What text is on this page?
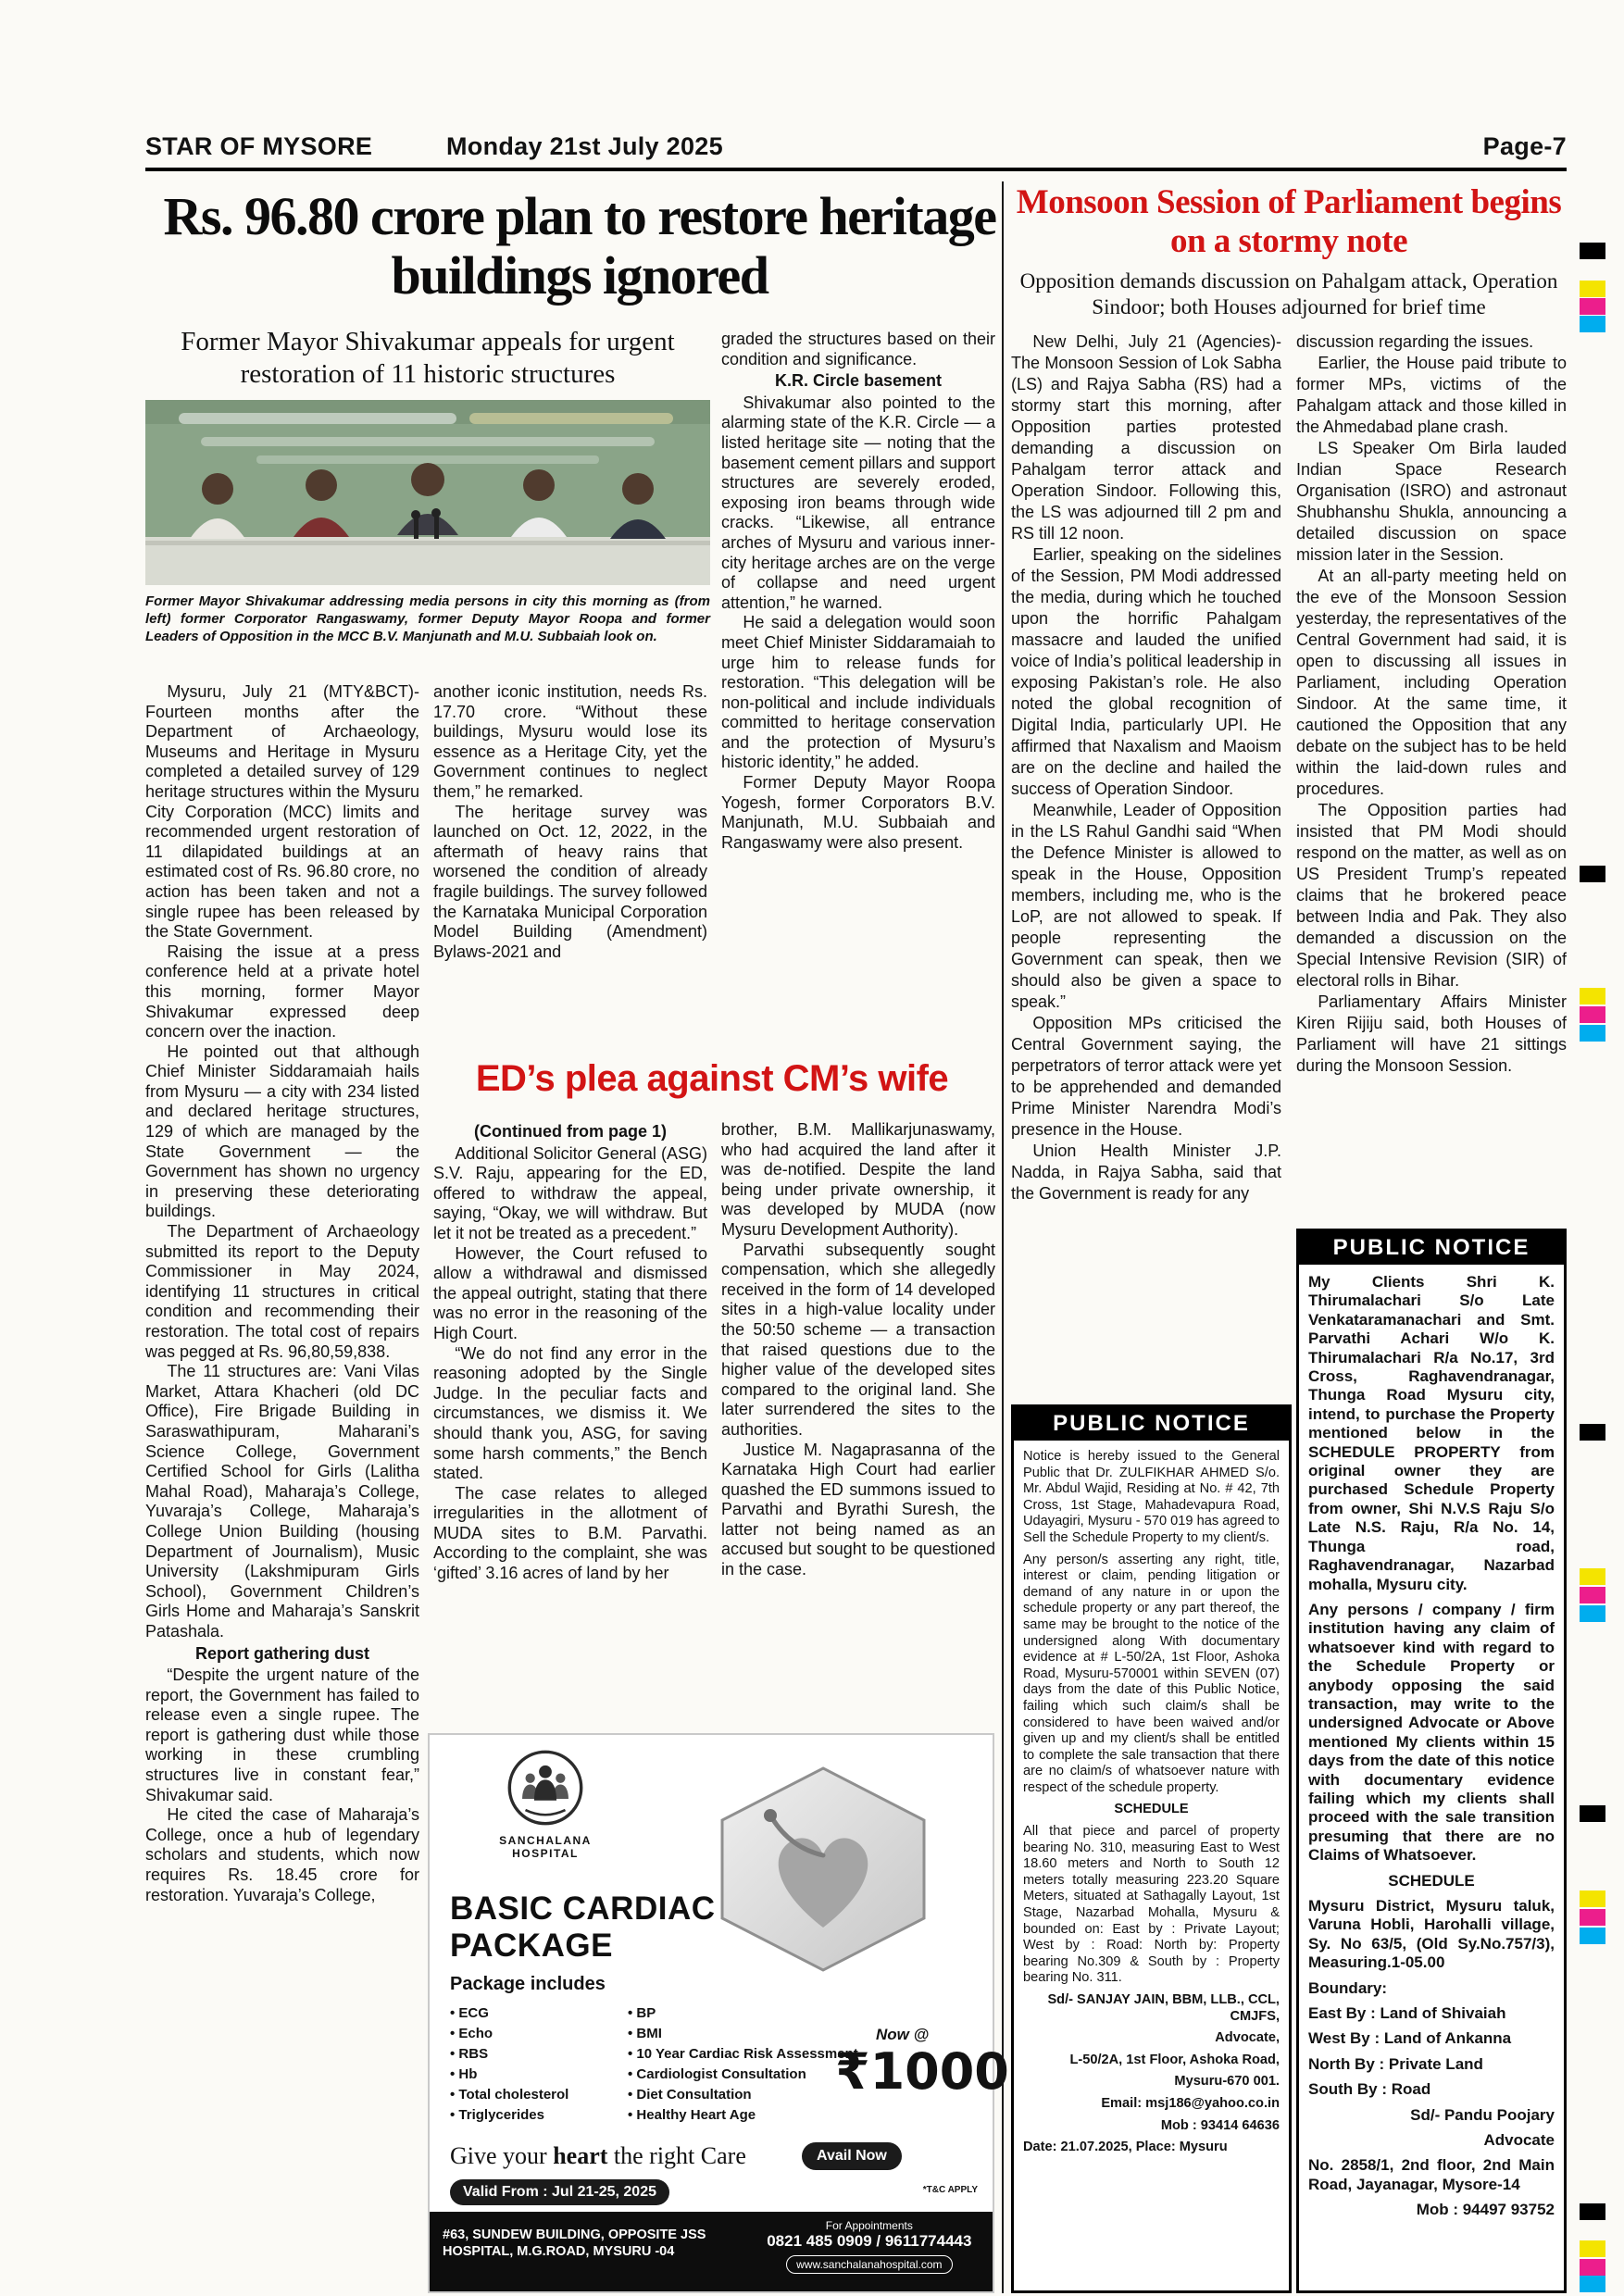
STAR OF MYSORE	Monday 21st July 2025	Page-7
Rs. 96.80 crore plan to restore heritage buildings ignored
Former Mayor Shivakumar appeals for urgent restoration of 11 historic structures

Former Mayor Shivakumar addressing media persons in city this morning as (from left) former Corporator Rangaswamy, former Deputy Mayor Roopa and former Leaders of Opposition in the MCC B.V. Manjunath and M.U. Subbaiah look on.

Mysuru, July 21 (MTY&BCT)- Fourteen months after the Department of Archaeology, Museums and Heritage in Mysuru completed a detailed survey of 129 heritage structures within the Mysuru City Corporation (MCC) limits and recommended urgent restoration of 11 dilapidated buildings at an estimated cost of Rs. 96.80 crore, no action has been taken and not a single rupee has been released by the State Government.

Raising the issue at a press conference held at a private hotel this morning, former Mayor Shivakumar expressed deep concern over the inaction.

He pointed out that although Chief Minister Siddaramaiah hails from Mysuru — a city with 234 listed and declared heritage structures, 129 of which are managed by the State Government — the Government has shown no urgency in preserving these deteriorating buildings.

The Department of Archaeology submitted its report to the Deputy Commissioner in May 2024, identifying 11 structures in critical condition and recommending their restoration. The total cost of repairs was pegged at Rs. 96,80,59,838.

The 11 structures are: Vani Vilas Market, Attara Khacheri (old DC Office), Fire Brigade Building in Saraswathipuram, Maharani’s Science College, Government Certified School for Girls (Lalitha Mahal Road), Maharaja’s College, Yuvaraja’s College, Maharaja’s College Union Building (housing Department of Journalism), Music University (Lakshmipuram Girls School), Government Children’s Girls Home and Maharaja’s Sanskrit Patashala.

Report gathering dust

“Despite the urgent nature of the report, the Government has failed to release even a single rupee. The report is gathering dust while those working in these crumbling structures live in constant fear,” Shivakumar said.

He cited the case of Maharaja’s College, once a hub of legendary scholars and students, which now requires Rs. 18.45 crore for restoration. Yuvaraja’s College,

another iconic institution, needs Rs. 17.70 crore. “Without these buildings, Mysuru would lose its essence as a Heritage City, yet the Government continues to neglect them,” he remarked.

The heritage survey was launched on Oct. 12, 2022, in the aftermath of heavy rains that worsened the condition of already fragile buildings. The survey followed the Karnataka Municipal Corporation Model Building (Amendment) Bylaws-2021 and

graded the structures based on their condition and significance.

K.R. Circle basement

Shivakumar also pointed to the alarming state of the K.R. Circle — a listed heritage site — noting that the basement cement pillars and support structures are severely eroded, exposing iron beams through wide cracks. “Likewise, all entrance arches of Mysuru and various inner-city heritage arches are on the verge of collapse and need urgent attention,” he warned.

He said a delegation would soon meet Chief Minister Siddaramaiah to urge him to release funds for restoration. “This delegation will be non-political and include individuals committed to heritage conservation and the protection of Mysuru’s historic identity,” he added.

Former Deputy Mayor Roopa Yogesh, former Corporators B.V. Manjunath, M.U. Subbaiah and Rangaswamy were also present.

ED’s plea against CM’s wife

(Continued from page 1)

Additional Solicitor General (ASG) S.V. Raju, appearing for the ED, offered to withdraw the appeal, saying, “Okay, we will withdraw. But let it not be treated as a precedent.”

However, the Court refused to allow a withdrawal and dismissed the appeal outright, stating that there was no error in the reasoning of the High Court.

“We do not find any error in the reasoning adopted by the Single Judge. In the peculiar facts and circumstances, we dismiss it. We should thank you, ASG, for saving some harsh comments,” the Bench stated.

The case relates to alleged irregularities in the allotment of MUDA sites to B.M. Parvathi. According to the complaint, she was ‘gifted’ 3.16 acres of land by her

brother, B.M. Mallikarjunaswamy, who had acquired the land after it was de-notified. Despite the land being under private ownership, it was developed by MUDA (now Mysuru Development Authority).

Parvathi subsequently sought compensation, which she allegedly received in the form of 14 developed sites in a high-value locality under the 50:50 scheme — a transaction that raised questions due to the higher value of the developed sites compared to the original land. She later surrendered the sites to the authorities.

Justice M. Nagaprasanna of the Karnataka High Court had earlier quashed the ED summons issued to Parvathi and Byrathi Suresh, the latter not being named as an accused but sought to be questioned in the case.

Monsoon Session of Parliament begins on a stormy note

Opposition demands discussion on Pahalgam attack, Operation Sindoor; both Houses adjourned for brief time

New Delhi, July 21 (Agencies)- The Monsoon Session of Lok Sabha (LS) and Rajya Sabha (RS) had a stormy start this morning, after Opposition parties protested demanding a discussion on Pahalgam terror attack and Operation Sindoor. Following this, the LS was adjourned till 2 pm and RS till 12 noon.

Earlier, speaking on the sidelines of the Session, PM Modi addressed the media, during which he touched upon the horrific Pahalgam massacre and lauded the unified voice of India’s political leadership in exposing Pakistan’s role. He also noted the global recognition of Digital India, particularly UPI. He affirmed that Naxalism and Maoism are on the decline and hailed the success of Operation Sindoor.

Meanwhile, Leader of Opposition in the LS Rahul Gandhi said “When the Defence Minister is allowed to speak in the House, Opposition members, including me, who is the LoP, are not allowed to speak. If people representing the Government can speak, then we should also be given a space to speak.”

Opposition MPs criticised the Central Government saying, the perpetrators of terror attack were yet to be apprehended and demanded Prime Minister Narendra Modi’s presence in the House.

Union Health Minister J.P. Nadda, in Rajya Sabha, said that the Government is ready for any

discussion regarding the issues.

Earlier, the House paid tribute to former MPs, victims of the Pahalgam attack and those killed in the Ahmedabad plane crash.

LS Speaker Om Birla lauded Indian Space Research Organisation (ISRO) and astronaut Shubhanshu Shukla, announcing a detailed discussion on space mission later in the Session.

At an all-party meeting held on the eve of the Monsoon Session yesterday, the representatives of the Central Government had said, it is open to discussing all issues in Parliament, including Operation Sindoor. At the same time, it cautioned the Opposition that any debate on the subject has to be held within the laid-down rules and procedures.

The Opposition parties had insisted that PM Modi should respond on the matter, as well as on US President Trump’s repeated claims that he brokered peace between India and Pak. They also demanded a discussion on the Special Intensive Revision (SIR) of electoral rolls in Bihar.

Parliamentary Affairs Minister Kiren Rijiju said, both Houses of Parliament will have 21 sittings during the Monsoon Session.

PUBLIC NOTICE

Notice is hereby issued to the General Public that Dr. ZULFIKHAR AHMED S/o. Mr. Abdul Wajid, Residing at No. # 42, 7th Cross, 1st Stage, Mahadevapura Road, Udayagiri, Mysuru - 570 019 has agreed to Sell the Schedule Property to my client/s.

Any person/s asserting any right, title, interest or claim, pending litigation or demand of any nature in or upon the schedule property or any part thereof, the same may be brought to the notice of the undersigned along With documentary evidence at # L-50/2A, 1st Floor, Ashoka Road, Mysuru-570001 within SEVEN (07) days from the date of this Public Notice, failing which such claim/s shall be considered to have been waived and/or given up and my client/s shall be entitled to complete the sale transaction that there are no claim/s of whatsoever nature with respect of the schedule property.

SCHEDULE

All that piece and parcel of property bearing No. 310, measuring East to West 18.60 meters and North to South 12 meters totally measuring 223.20 Square Meters, situated at Sathagally Layout, 1st Stage, Nazarbad Mohalla, Mysuru & bounded on: East by : Private Layout; West by : Road: North by: Property bearing No.309 & South by : Property bearing No. 311.

Sd/- SANJAY JAIN, BBM, LLB., CCL, CMJFS,

Advocate,

L-50/2A, 1st Floor, Ashoka Road,

Mysuru-670 001.

Email: msj186@yahoo.co.in

Mob : 93414 64636

Date: 21.07.2025, Place: Mysuru

PUBLIC NOTICE

My Clients Shri K. Thirumalachari S/o Late Venkataramanachari and Smt. Parvathi Achari W/o K. Thirumalachari R/a No.17, 3rd Cross, Raghavendranagar, Thunga Road Mysuru city, intend, to purchase the Property mentioned below in the SCHEDULE PROPERTY from original owner they are purchased Schedule Property from owner, Shi N.V.S Raju S/o Late N.S. Raju, R/a No. 14, Thunga road, Raghavendranagar, Nazarbad mohalla, Mysuru city.

Any persons / company / firm institution having any claim of whatsoever kind with regard to the Schedule Property or anybody opposing the said transaction, may write to the undersigned Advocate or Above mentioned My clients within 15 days from the date of this notice with documentary evidence failing which my clients shall proceed with the sale transition presuming that there are no Claims of Whatsoever.

SCHEDULE

Mysuru District, Mysuru taluk, Varuna Hobli, Harohalli village, Sy. No 63/5, (Old Sy.No.757/3), Measuring.1-05.00

Boundary:

East By : Land of Shivaiah

West By : Land of Ankanna

North By : Private Land

South By : Road

Sd/- Pandu Poojary

Advocate

No. 2858/1, 2nd floor, 2nd Main Road, Jayanagar, Mysore-14

Mob : 94497 93752

SANCHALANA HOSPITAL
BASIC CARDIAC
PACKAGE
Package includes

• ECG

• Echo

• RBS

• Hb

• Total cholesterol

• Triglycerides

• BP

• BMI

• 10 Year Cardiac Risk Assessment

• Cardiologist Consultation

• Diet Consultation

• Healthy Heart Age

Now @
₹1000
Give your heart the right Care	Avail Now
Valid From : Jul 21-25, 2025	*T&C APPLY
#63, SUNDEW BUILDING, OPPOSITE JSS HOSPITAL, M.G.ROAD, MYSURU -04
For Appointments
0821 485 0909 / 9611774443
www.sanchalanahospital.com
